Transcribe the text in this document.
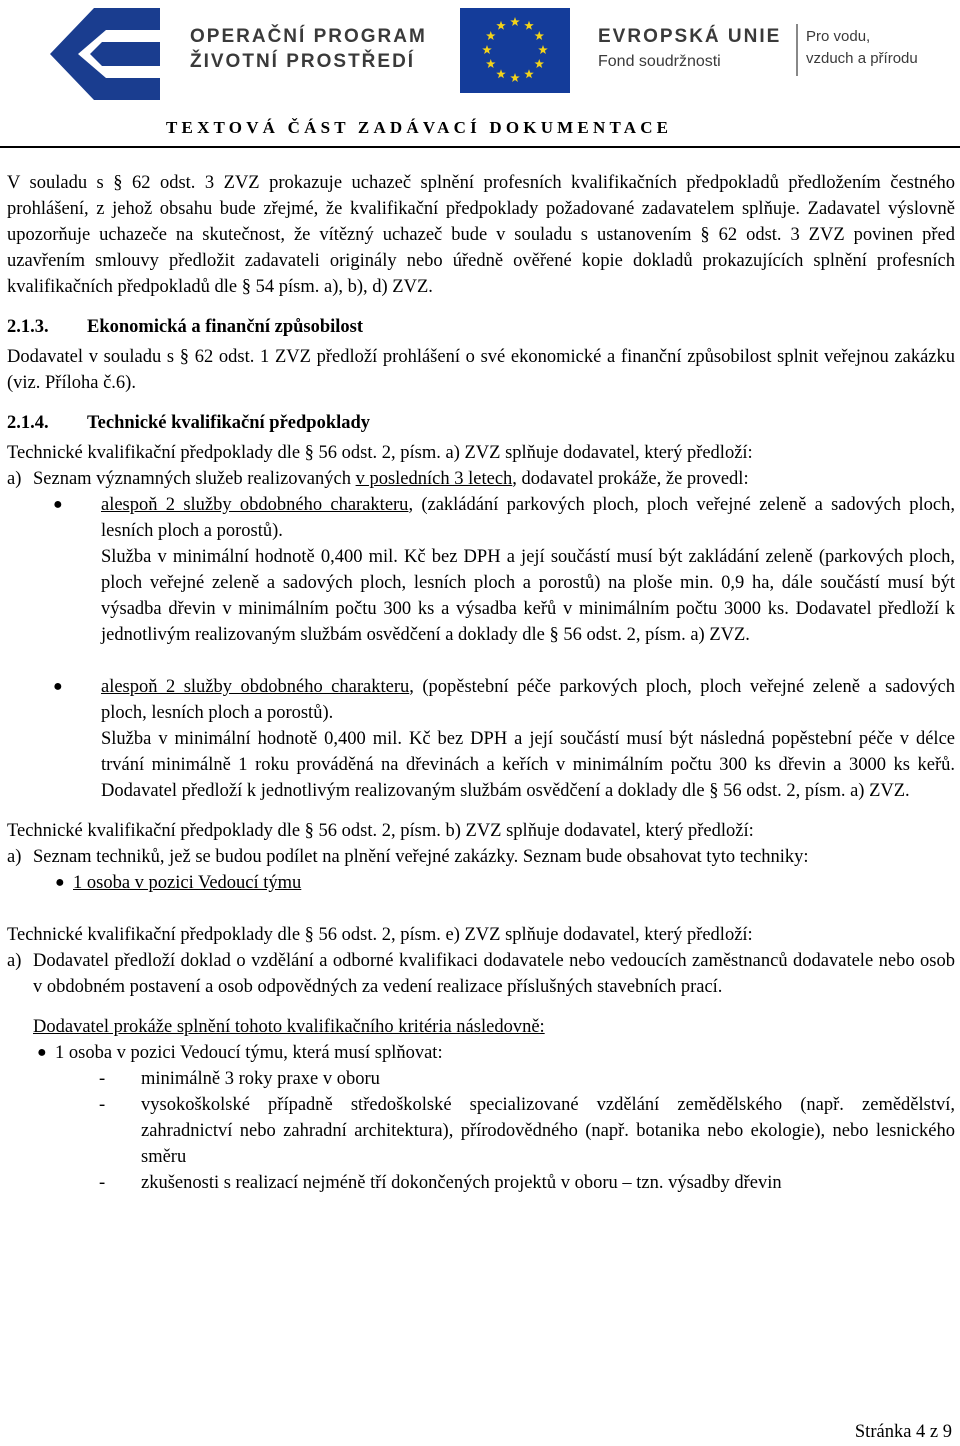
OPERAČNÍ PROGRAM
ŽIVOTNÍ PROSTŘEDÍ
EVROPSKÁ UNIE
Fond soudržnosti
Pro vodu,
vzduch a přírodu
TEXTOVÁ ČÁST ZADÁVACÍ DOKUMENTACE

V souladu s § 62 odst. 3 ZVZ prokazuje uchazeč splnění profesních kvalifikačních předpokladů předložením čestného prohlášení, z jehož obsahu bude zřejmé, že kvalifikační předpoklady požadované zadavatelem splňuje. Zadavatel výslovně upozorňuje uchazeče na skutečnost, že vítězný uchazeč bude v souladu s ustanovením § 62 odst. 3 ZVZ povinen před uzavřením smlouvy předložit zadavateli originály nebo úředně ověřené kopie dokladů prokazujících splnění profesních kvalifikačních předpokladů dle § 54 písm. a), b), d) ZVZ.

2.1.3. Ekonomická a finanční způsobilost

Dodavatel v souladu s § 62 odst. 1 ZVZ předloží prohlášení o své ekonomické a finanční způsobilost splnit veřejnou zakázku (viz. Příloha č.6).

2.1.4. Technické kvalifikační předpoklady

Technické kvalifikační předpoklady dle § 56 odst. 2, písm. a) ZVZ splňuje dodavatel, který předloží:

a) Seznam významných služeb realizovaných v posledních 3 letech, dodavatel prokáže, že provedl:
● alespoň 2 služby obdobného charakteru, (zakládání parkových ploch, ploch veřejné zeleně a sadových ploch, lesních ploch a porostů).

Služba v minimální hodnotě 0,400 mil. Kč bez DPH a její součástí musí být zakládání zeleně (parkových ploch, ploch veřejné zeleně a sadových ploch, lesních ploch a porostů) na ploše min. 0,9 ha, dále součástí musí být výsadba dřevin v minimálním počtu 300 ks a výsadba keřů v minimálním počtu 3000 ks. Dodavatel předloží k jednotlivým realizovaným službám osvědčení a doklady dle § 56 odst. 2, písm. a) ZVZ.

● alespoň 2 služby obdobného charakteru, (popěstební péče parkových ploch, ploch veřejné zeleně a sadových ploch, lesních ploch a porostů).

Služba v minimální hodnotě 0,400 mil. Kč bez DPH a její součástí musí být následná popěstební péče v délce trvání minimálně 1 roku prováděná na dřevinách a keřích v minimálním počtu 300 ks dřevin a 3000 ks keřů. Dodavatel předloží k jednotlivým realizovaným službám osvědčení a doklady dle § 56 odst. 2, písm. a) ZVZ.

Technické kvalifikační předpoklady dle § 56 odst. 2, písm. b) ZVZ splňuje dodavatel, který předloží:

a) Seznam techniků, jež se budou podílet na plnění veřejné zakázky. Seznam bude obsahovat tyto techniky:
● 1 osoba v pozici Vedoucí týmu

Technické kvalifikační předpoklady dle § 56 odst. 2, písm. e) ZVZ splňuje dodavatel, který předloží:

a) Dodavatel předloží doklad o vzdělání a odborné kvalifikaci dodavatele nebo vedoucích zaměstnanců dodavatele nebo osob v obdobném postavení a osob odpovědných za vedení realizace příslušných stavebních prací.

Dodavatel prokáže splnění tohoto kvalifikačního kritéria následovně:

● 1 osoba v pozici Vedoucí týmu, která musí splňovat:
- minimálně 3 roky praxe v oboru
- vysokoškolské případně středoškolské specializované vzdělání zemědělského (např. zemědělství, zahradnictví nebo zahradní architektura), přírodovědného (např. botanika nebo ekologie), nebo lesnického směru
- zkušenosti s realizací nejméně tří dokončených projektů v oboru – tzn. výsadby dřevin
Stránka 4 z 9
